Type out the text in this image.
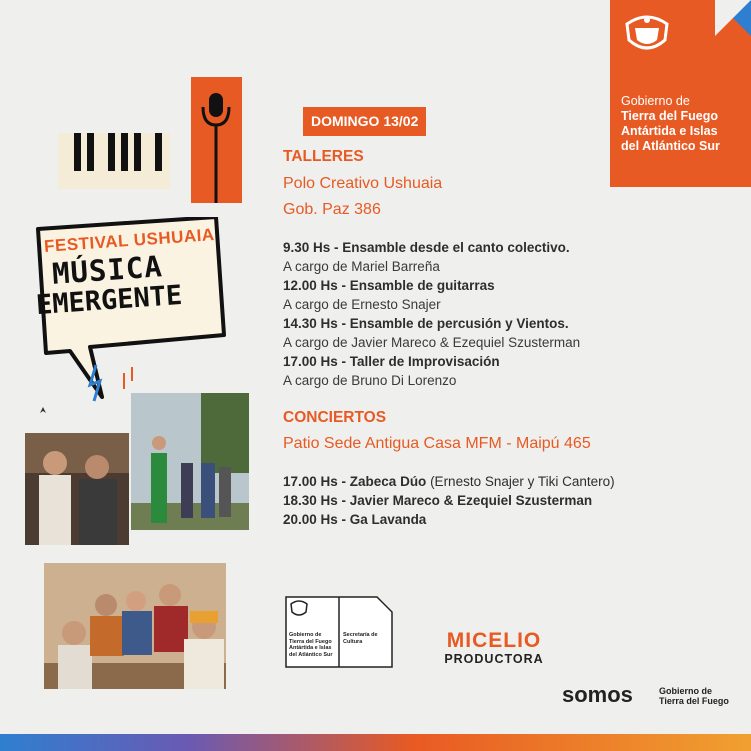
Gobierno de
Tierra del Fuego
Antártida e Islas
del Atlántico Sur
FESTIVAL USHUAIA
MÚSICA
EMERGENTE
DOMINGO 13/02
TALLERES
Polo Creativo Ushuaia
Gob. Paz 386
9.30 Hs - Ensamble desde el canto colectivo.
A cargo de Mariel Barreña
12.00 Hs - Ensamble de guitarras
A cargo de Ernesto Snajer
14.30 Hs - Ensamble de percusión y Vientos.
A cargo de Javier Mareco & Ezequiel Szusterman
17.00 Hs - Taller de Improvisación
A cargo de Bruno Di Lorenzo
CONCIERTOS
Patio Sede Antigua Casa MFM - Maipú 465
17.00 Hs - Zabeca Dúo (Ernesto Snajer y Tiki Cantero)
18.30 Hs - Javier Mareco & Ezequiel Szusterman
20.00 Hs - Ga Lavanda
Gobierno de
Tierra del Fuego
Antártida e Islas
del Atlántico Sur
Secretaría de
Cultura	MICELIO
PRODUCTORA
somos	Gobierno de
Tierra del Fuego
